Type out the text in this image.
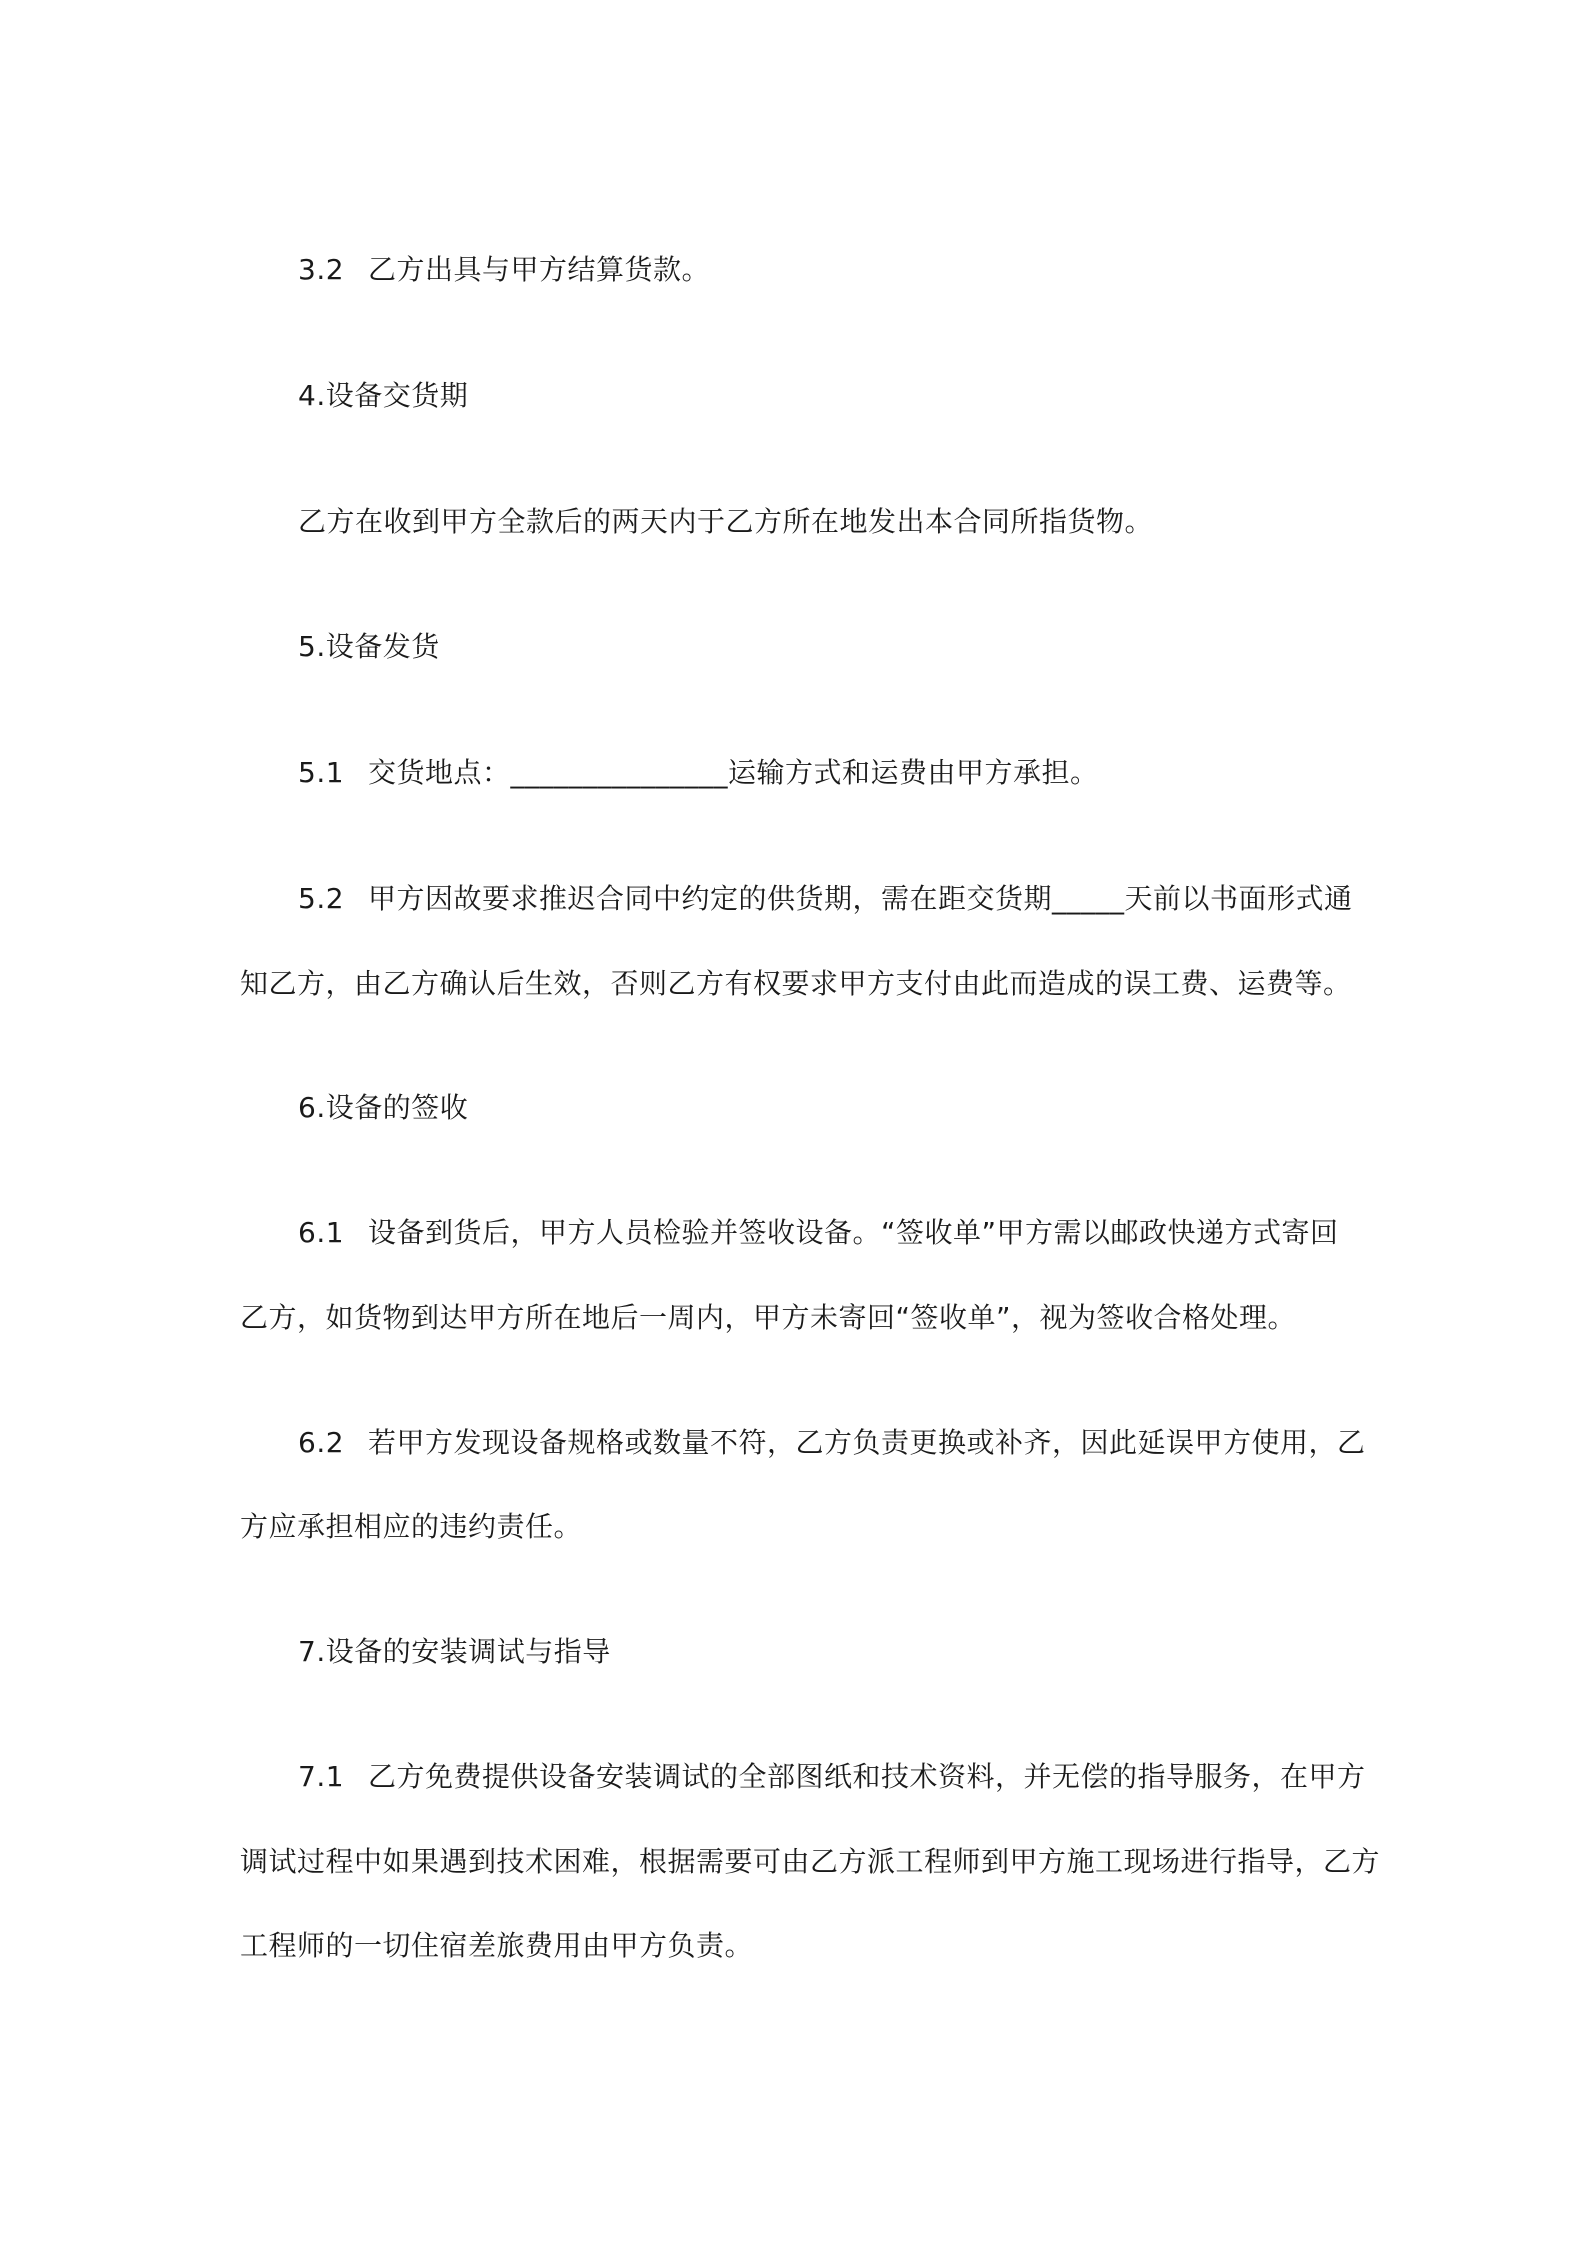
3.2 乙方出具与甲方结算货款。
4.设备交货期
乙方在收到甲方全款后的两天内于乙方所在地发出本合同所指货物。
5.设备发货
5.1 交货地点：_______________运输方式和运费由甲方承担。
5.2 甲方因故要求推迟合同中约定的供货期，需在距交货期_____天前以书面形式通
知乙方，由乙方确认后生效，否则乙方有权要求甲方支付由此而造成的误工费、运费等。
6.设备的签收
6.1 设备到货后，甲方人员检验并签收设备。“签收单”甲方需以邮政快递方式寄回
乙方，如货物到达甲方所在地后一周内，甲方未寄回“签收单”，视为签收合格处理。
6.2 若甲方发现设备规格或数量不符，乙方负责更换或补齐，因此延误甲方使用，乙
方应承担相应的违约责任。
7.设备的安装调试与指导
7.1 乙方免费提供设备安装调试的全部图纸和技术资料，并无偿的指导服务，在甲方
调试过程中如果遇到技术困难，根据需要可由乙方派工程师到甲方施工现场进行指导，乙方
工程师的一切住宿差旅费用由甲方负责。
